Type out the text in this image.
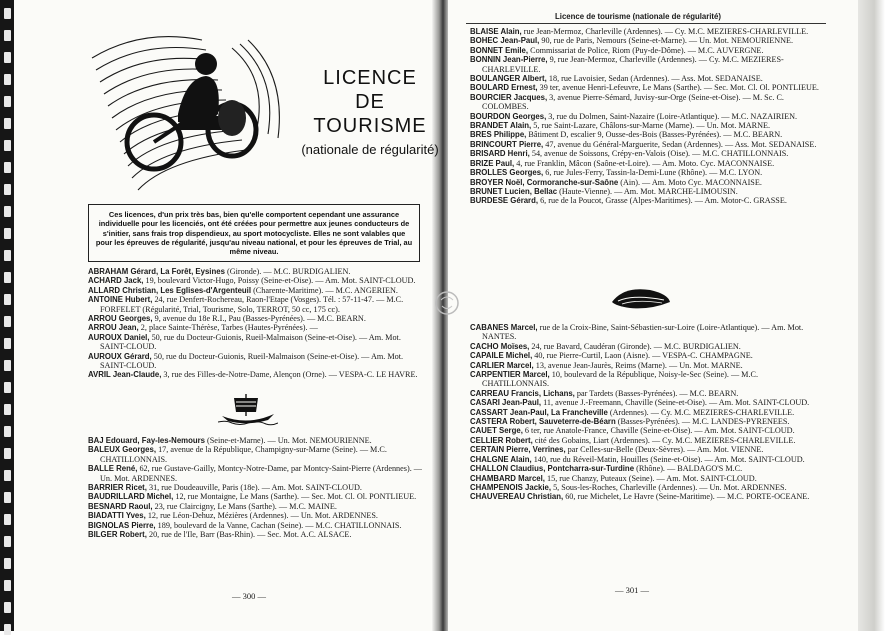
LICENCE
DE TOURISME
(nationale de régularité)
Ces licences, d'un prix très bas, bien qu'elle comportent cependant une assurance individuelle pour les licenciés, ont été créées pour permettre aux jeunes conducteurs de s'initier, sans frais trop dispendieux, au sport motocycliste. Elles ne sont valables que pour les épreuves de régularité, jusqu'au niveau national, et pour les épreuves de Trial, au même niveau.

ABRAHAM Gérard, La Forêt, Eysines (Gironde). — M.C. BURDIGALIEN.

ACHARD Jack, 19, boulevard Victor-Hugo, Poissy (Seine-et-Oise). — Am. Mot. SAINT-CLOUD.

ALLARD Christian, Les Eglises-d'Argenteuil (Charente-Maritime). — M.C. ANGERIEN.

ANTOINE Hubert, 24, rue Denfert-Rochereau, Raon-l'Etape (Vosges). Tél. : 57-11-47. — M.C. FORFELET (Régularité, Trial, Tourisme, Solo, TERROT, 50 cc, 175 cc).

ARROU Georges, 9, avenue du 18e R.I., Pau (Basses-Pyrénées). — M.C. BEARN.

ARROU Jean, 2, place Sainte-Thérèse, Tarbes (Hautes-Pyrénées). —

AUROUX Daniel, 50, rue du Docteur-Guionis, Rueil-Malmaison (Seine-et-Oise). — Am. Mot. SAINT-CLOUD.

AUROUX Gérard, 50, rue du Docteur-Guionis, Rueil-Malmaison (Seine-et-Oise). — Am. Mot. SAINT-CLOUD.

AVRIL Jean-Claude, 3, rue des Filles-de-Notre-Dame, Alençon (Orne). — VESPA-C. LE HAVRE.

BAJ Edouard, Fay-les-Nemours (Seine-et-Marne). — Un. Mot. NEMOURIENNE.

BALEUX Georges, 17, avenue de la République, Champigny-sur-Marne (Seine). — M.C. CHATILLONNAIS.

BALLE René, 62, rue Gustave-Gailly, Montcy-Notre-Dame, par Montcy-Saint-Pierre (Ardennes). — Un. Mot. ARDENNES.

BARRIER Ricet, 31, rue Doudeauville, Paris (18e). — Am. Mot. SAINT-CLOUD.

BAUDRILLARD Michel, 12, rue Montaigne, Le Mans (Sarthe). — Sec. Mot. Cl. Ol. PONTLIEUE.

BESNARD Raoul, 23, rue Claircigny, Le Mans (Sarthe). — M.C. MAINE.

BIADATTI Yves, 12, rue Léon-Dehuz, Mézières (Ardennes). — Un. Mot. ARDENNES.

BIGNOLAS Pierre, 189, boulevard de la Vanne, Cachan (Seine). — M.C. CHATILLONNAIS.

BILGER Robert, 20, rue de l'Ile, Barr (Bas-Rhin). — Sec. Mot. A.C. ALSACE.

— 300 —
Licence de tourisme (nationale de régularité)

BLAISE Alain, rue Jean-Mermoz, Charleville (Ardennes). — Cy. M.C. MEZIERES-CHARLEVILLE.

BOHEC Jean-Paul, 90, rue de Paris, Nemours (Seine-et-Marne). — Un. Mot. NEMOURIENNE.

BONNET Emile, Commissariat de Police, Riom (Puy-de-Dôme). — M.C. AUVERGNE.

BONNIN Jean-Pierre, 9, rue Jean-Mermoz, Charleville (Ardennes). — Cy. M.C. MEZIERES-CHARLEVILLE.

BOULANGER Albert, 18, rue Lavoisier, Sedan (Ardennes). — Ass. Mot. SEDANAISE.

BOULARD Ernest, 39 ter, avenue Henri-Lefeuvre, Le Mans (Sarthe). — Sec. Mot. Cl. Ol. PONTLIEUE.

BOURCIER Jacques, 3, avenue Pierre-Sémard, Juvisy-sur-Orge (Seine-et-Oise). — M. Sc. C. COLOMBES.

BOURDON Georges, 3, rue du Dolmen, Saint-Nazaire (Loire-Atlantique). — M.C. NAZAIRIEN.

BRANDET Alain, 5, rue Saint-Lazare, Châlons-sur-Marne (Marne). — Un. Mot. MARNE.

BRES Philippe, Bâtiment D, escalier 9, Ousse-des-Bois (Basses-Pyrénées). — M.C. BEARN.

BRINCOURT Pierre, 47, avenue du Général-Marguerite, Sedan (Ardennes). — Ass. Mot. SEDANAISE.

BRISARD Henri, 54, avenue de Soissons, Crépy-en-Valois (Oise). — M.C. CHATILLONNAIS.

BRIZE Paul, 4, rue Franklin, Mâcon (Saône-et-Loire). — Am. Moto. Cyc. MACONNAISE.

BROLLES Georges, 6, rue Jules-Ferry, Tassin-la-Demi-Lune (Rhône). — M.C. LYON.

BROYER Noël, Cormoranche-sur-Saône (Ain). — Am. Moto Cyc. MACONNAISE.

BRUNET Lucien, Bellac (Haute-Vienne). — Am. Mot. MARCHE-LIMOUSIN.

BURDESE Gérard, 6, rue de la Poucot, Grasse (Alpes-Maritimes). — Am. Motor-C. GRASSE.

CABANES Marcel, rue de la Croix-Bine, Saint-Sébastien-sur-Loire (Loire-Atlantique). — Am. Mot. NANTES.

CACHO Moïses, 24, rue Bavard, Caudéran (Gironde). — M.C. BURDIGALIEN.

CAPAILE Michel, 40, rue Pierre-Curtil, Laon (Aisne). — VESPA-C. CHAMPAGNE.

CARLIER Marcel, 13, avenue Jean-Jaurès, Reims (Marne). — Un. Mot. MARNE.

CARPENTIER Marcel, 10, boulevard de la République, Noisy-le-Sec (Seine). — M.C. CHATILLONNAIS.

CARREAU Francis, Lichans, par Tardets (Basses-Pyrénées). — M.C. BEARN.

CASARI Jean-Paul, 11, avenue J.-Freemann, Chaville (Seine-et-Oise). — Am. Mot. SAINT-CLOUD.

CASSART Jean-Paul, La Francheville (Ardennes). — Cy. M.C. MEZIERES-CHARLEVILLE.

CASTERA Robert, Sauveterre-de-Béarn (Basses-Pyrénées). — M.C. LANDES-PYRENEES.

CAUET Serge, 6 ter, rue Anatole-France, Chaville (Seine-et-Oise). — Am. Mot. SAINT-CLOUD.

CELLIER Robert, cité des Gobains, Liart (Ardennes). — Cy. M.C. MEZIERES-CHARLEVILLE.

CERTAIN Pierre, Verrines, par Celles-sur-Belle (Deux-Sèvres). — Am. Mot. VIENNE.

CHALGNE Alain, 140, rue du Réveil-Matin, Houilles (Seine-et-Oise). — Am. Mot. SAINT-CLOUD.

CHALLON Claudius, Pontcharra-sur-Turdine (Rhône). — BALDAGO'S M.C.

CHAMBARD Marcel, 15, rue Chanzy, Puteaux (Seine). — Am. Mot. SAINT-CLOUD.

CHAMPENOIS Jackie, 5, Sous-les-Roches, Charleville (Ardennes). — Un. Mot. ARDENNES.

CHAUVEREAU Christian, 60, rue Michelet, Le Havre (Seine-Maritime). — M.C. PORTE-OCEANE.

— 301 —
